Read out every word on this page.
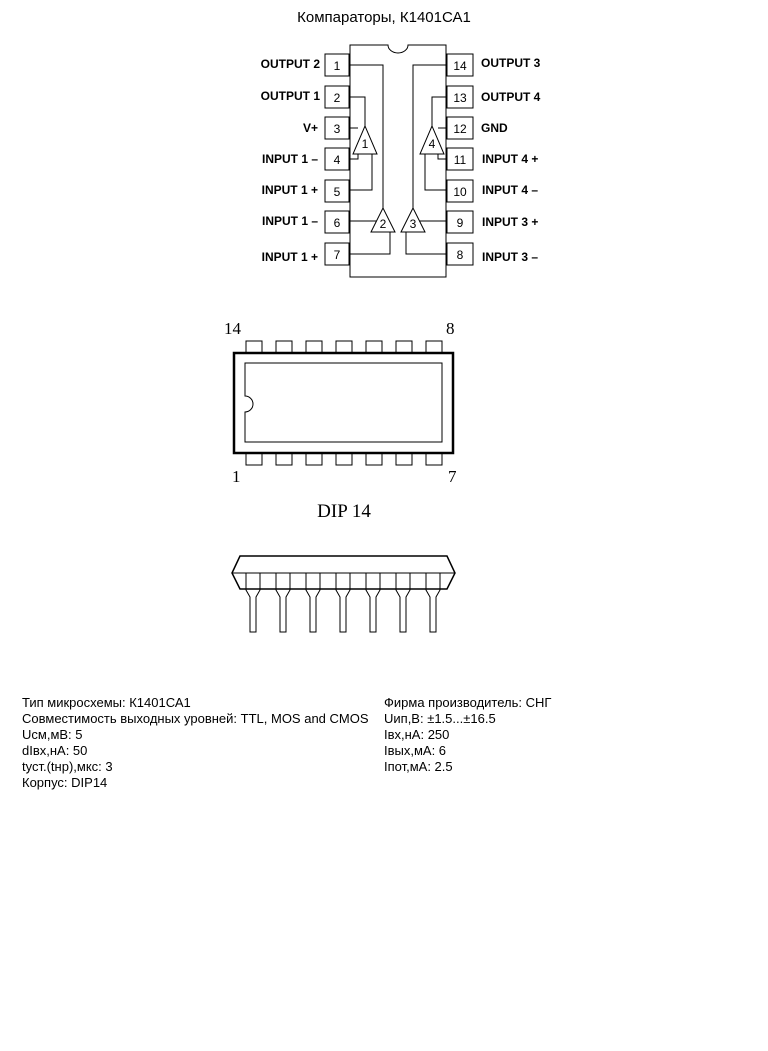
Компараторы, К1401СА1
1
2 3
4
1
2
3
4
5
6
7
14
13
12
11
10
9
8
OUTPUT 2
OUTPUT 1
V+
INPUT 1 –
INPUT 1 +
INPUT 1 –
INPUT 1 +
OUTPUT 3
OUTPUT 4
GND
INPUT 4 +
INPUT 4 –
INPUT 3 +
INPUT 3 –
14	8
1	7
DIP 14
Тип микросхемы: К1401СА1
Совместимость выходных уровней: TTL, MOS and CMOS
Uсм,мВ: 5
dIвх,нА: 50
tуст.(tнр),мкс: 3
Корпус: DIP14
Фирма производитель: СНГ
Uип,В: ±1.5...±16.5
Iвх,нА: 250
Iвых,мА: 6
Iпот,мА: 2.5
